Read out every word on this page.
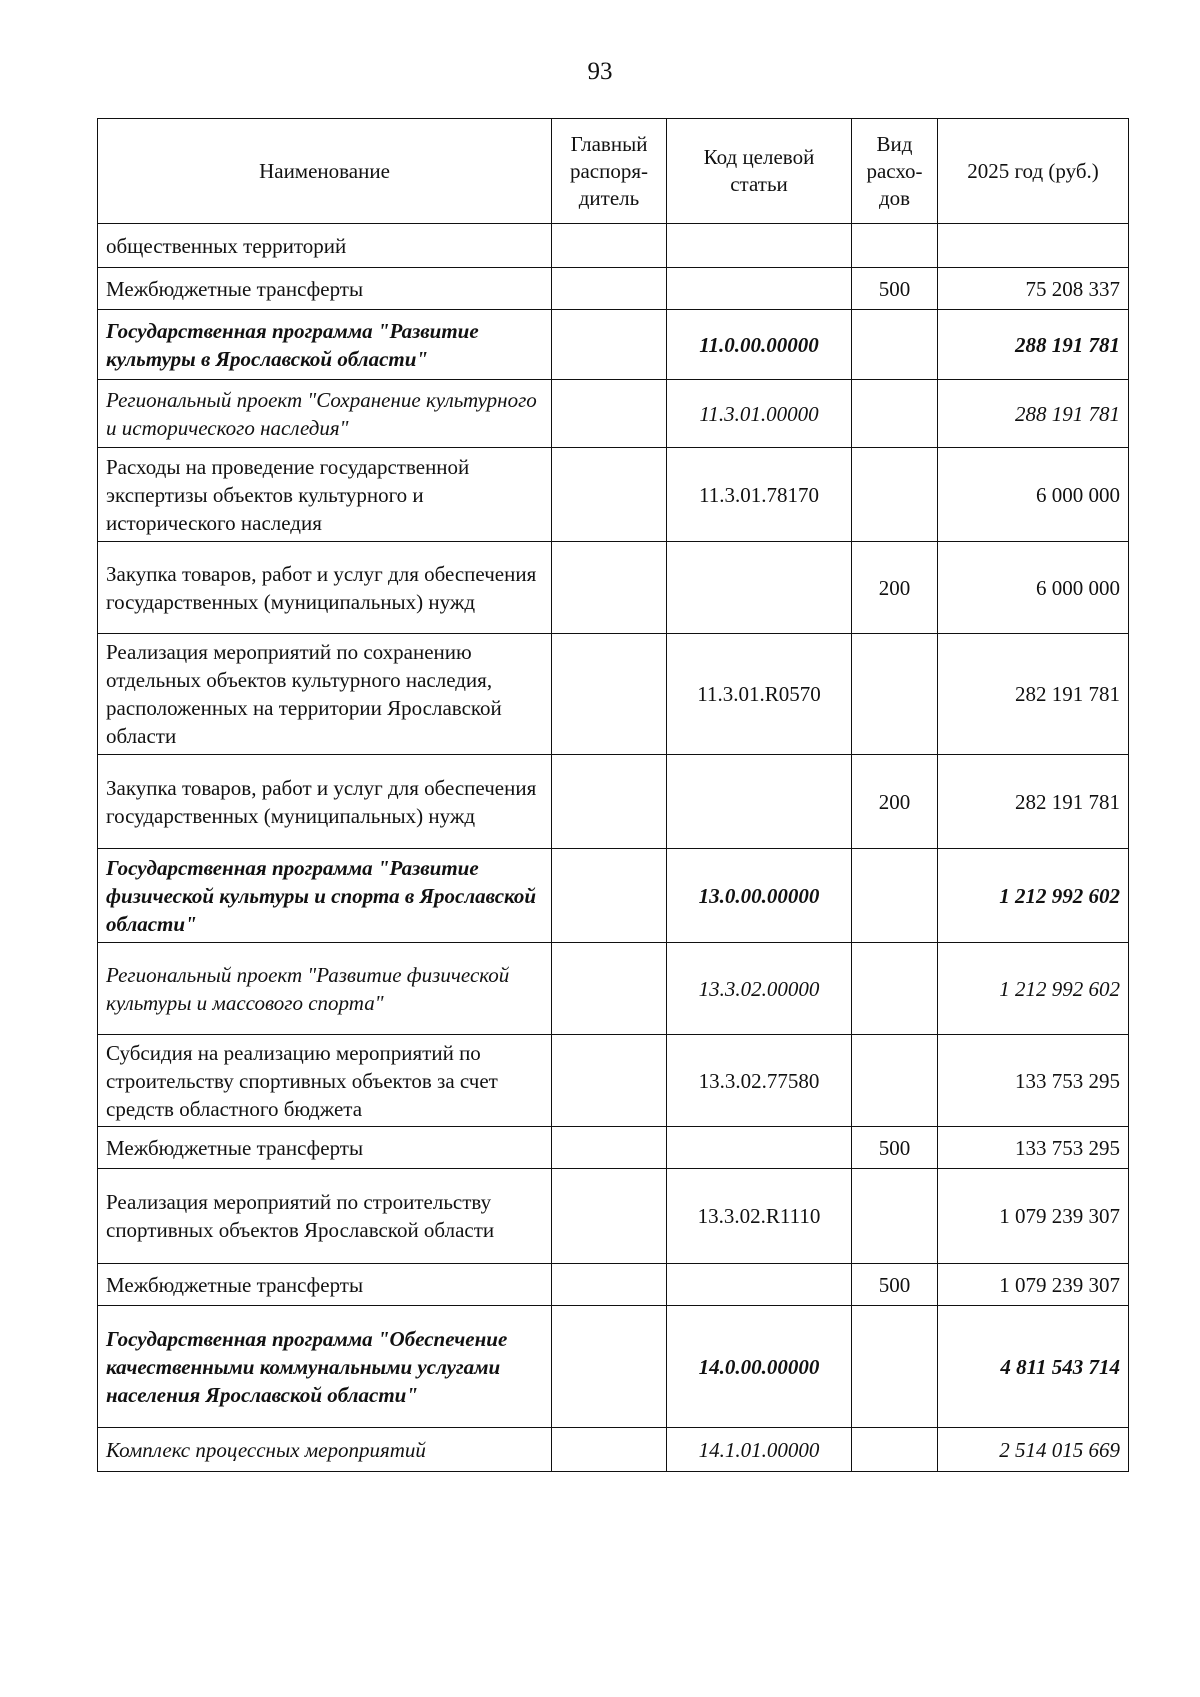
93
Наименование	Главный распоря-дитель	Код целевой статьи	Вид расхо-дов	2025 год (руб.)
общественных территорий				
Межбюджетные трансферты			500	75 208 337
Государственная программа "Развитие культуры в Ярославской области"		11.0.00.00000		288 191 781
Региональный проект "Сохранение культурного и исторического наследия"		11.3.01.00000		288 191 781
Расходы на проведение государственной экспертизы объектов культурного и исторического наследия		11.3.01.78170		6 000 000
Закупка товаров, работ и услуг для обеспечения государственных (муниципальных) нужд			200	6 000 000
Реализация мероприятий по сохранению отдельных объектов культурного наследия, расположенных на территории Ярославской области		11.3.01.R0570		282 191 781
Закупка товаров, работ и услуг для обеспечения государственных (муниципальных) нужд			200	282 191 781
Государственная программа "Развитие физической культуры и спорта в Ярославской области"		13.0.00.00000		1 212 992 602
Региональный проект "Развитие физической культуры и массового спорта"		13.3.02.00000		1 212 992 602
Субсидия на реализацию мероприятий по строительству спортивных объектов за счет средств областного бюджета		13.3.02.77580		133 753 295
Межбюджетные трансферты			500	133 753 295
Реализация мероприятий по строительству спортивных объектов Ярославской области		13.3.02.R1110		1 079 239 307
Межбюджетные трансферты			500	1 079 239 307
Государственная программа "Обеспечение качественными коммунальными услугами населения Ярославской области"		14.0.00.00000		4 811 543 714
Комплекс процессных мероприятий		14.1.01.00000		2 514 015 669
